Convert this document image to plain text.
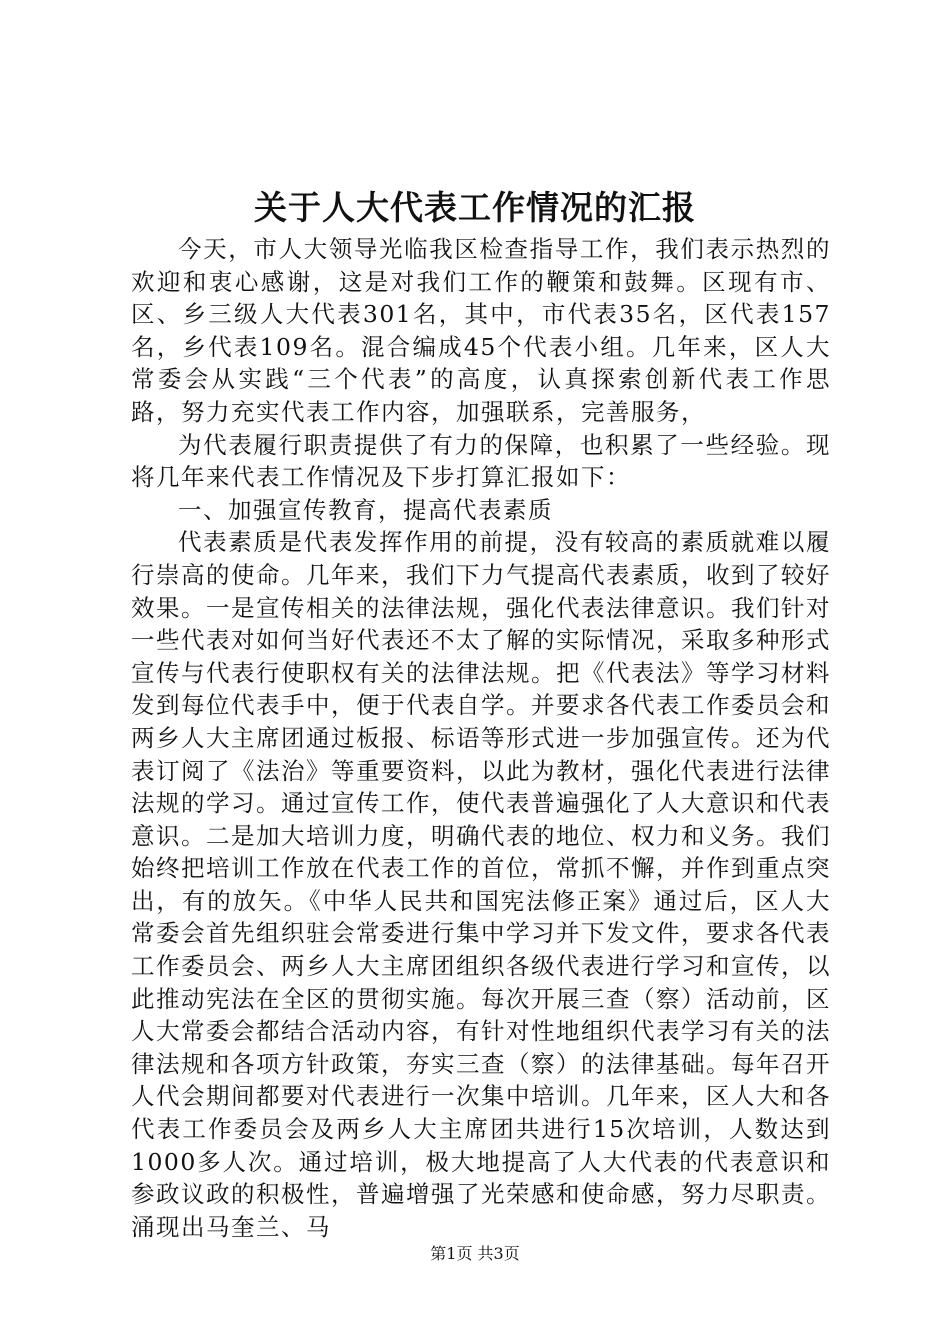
关于人大代表工作情况的汇报

今天，市人大领导光临我区检查指导工作，我们表示热烈的欢迎和衷心感谢，这是对我们工作的鞭策和鼓舞。区现有市、区、乡三级人大代表301名，其中，市代表35名，区代表157名，乡代表109名。混合编成45个代表小组。几年来，区人大常委会从实践“三个代表”的高度，认真探索创新代表工作思路，努力充实代表工作内容，加强联系，完善服务，

为代表履行职责提供了有力的保障，也积累了一些经验。现将几年来代表工作情况及下步打算汇报如下：

一、加强宣传教育，提高代表素质

代表素质是代表发挥作用的前提，没有较高的素质就难以履行崇高的使命。几年来，我们下力气提高代表素质，收到了较好效果。一是宣传相关的法律法规，强化代表法律意识。我们针对一些代表对如何当好代表还不太了解的实际情况，采取多种形式宣传与代表行使职权有关的法律法规。把《代表法》等学习材料发到每位代表手中，便于代表自学。并要求各代表工作委员会和两乡人大主席团通过板报、标语等形式进一步加强宣传。还为代表订阅了《法治》等重要资料，以此为教材，强化代表进行法律法规的学习。通过宣传工作，使代表普遍强化了人大意识和代表意识。二是加大培训力度，明确代表的地位、权力和义务。我们始终把培训工作放在代表工作的首位，常抓不懈，并作到重点突出，有的放矢。《中华人民共和国宪法修正案》通过后，区人大常委会首先组织驻会常委进行集中学习并下发文件，要求各代表工作委员会、两乡人大主席团组织各级代表进行学习和宣传，以此推动宪法在全区的贯彻实施。每次开展三查（察）活动前，区人大常委会都结合活动内容，有针对性地组织代表学习有关的法律法规和各项方针政策，夯实三查（察）的法律基础。每年召开人代会期间都要对代表进行一次集中培训。几年来，区人大和各代表工作委员会及两乡人大主席团共进行15次培训，人数达到1000多人次。通过培训，极大地提高了人大代表的代表意识和参政议政的积极性，普遍增强了光荣感和使命感，努力尽职责。涌现出马奎兰、马

第1页 共3页
